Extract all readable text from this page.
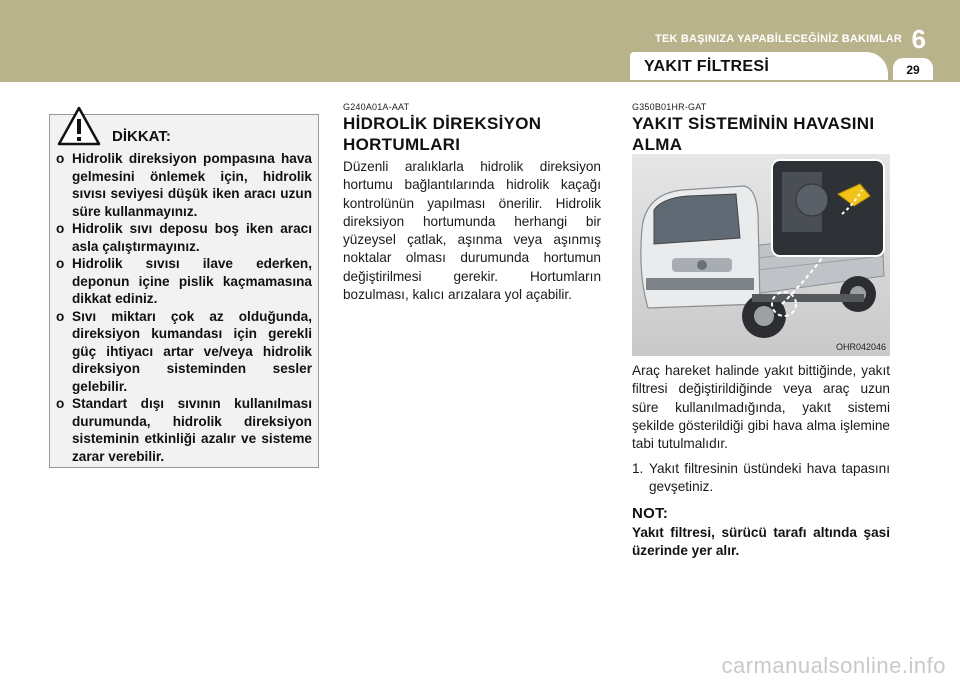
TEK BAŞINIZA YAPABİLECEĞİNİZ BAKIMLAR 6
YAKIT FİLTRESİ	29
DİKKAT:
o Hidrolik direksiyon pompasına hava gelmesini önlemek için, hidrolik sıvısı seviyesi düşük iken aracı uzun süre kullanmayınız.
o Hidrolik sıvı deposu boş iken aracı asla çalıştırmayınız.
o Hidrolik sıvısı ilave ederken, deponun içine pislik kaçmamasına dikkat ediniz.
o Sıvı miktarı çok az olduğunda, direksiyon kumandası için gerekli güç ihtiyacı artar ve/veya hidrolik direksiyon sisteminden sesler gelebilir.
o Standart dışı sıvının kullanılması durumunda, hidrolik direksiyon sisteminin etkinliği azalır ve sisteme zarar verebilir.
G240A01A-AAT
HİDROLİK DİREKSİYON HORTUMLARI
Düzenli aralıklarla hidrolik direksiyon hortumu bağlantılarında hidrolik kaçağı kontrolünün yapılması önerilir. Hidrolik direksiyon hortumunda herhangi bir yüzeysel çatlak, aşınma veya aşınmış noktalar olması durumunda hortumun değiştirilmesi gerekir. Hortumların bozulması, kalıcı arızalara yol açabilir.
G350B01HR-GAT
YAKIT SİSTEMİNİN HAVASINI ALMA
OHR042046
Araç hareket halinde yakıt bittiğinde, yakıt filtresi değiştirildiğinde veya araç uzun süre kullanılmadığında, yakıt sistemi şekilde gösterildiği gibi hava alma işlemine tabi tutulmalıdır.
1. Yakıt filtresinin üstündeki hava tapasını gevşetiniz.
NOT:
Yakıt filtresi, sürücü tarafı altında şasi üzerinde yer alır.
carmanualsonline.info
